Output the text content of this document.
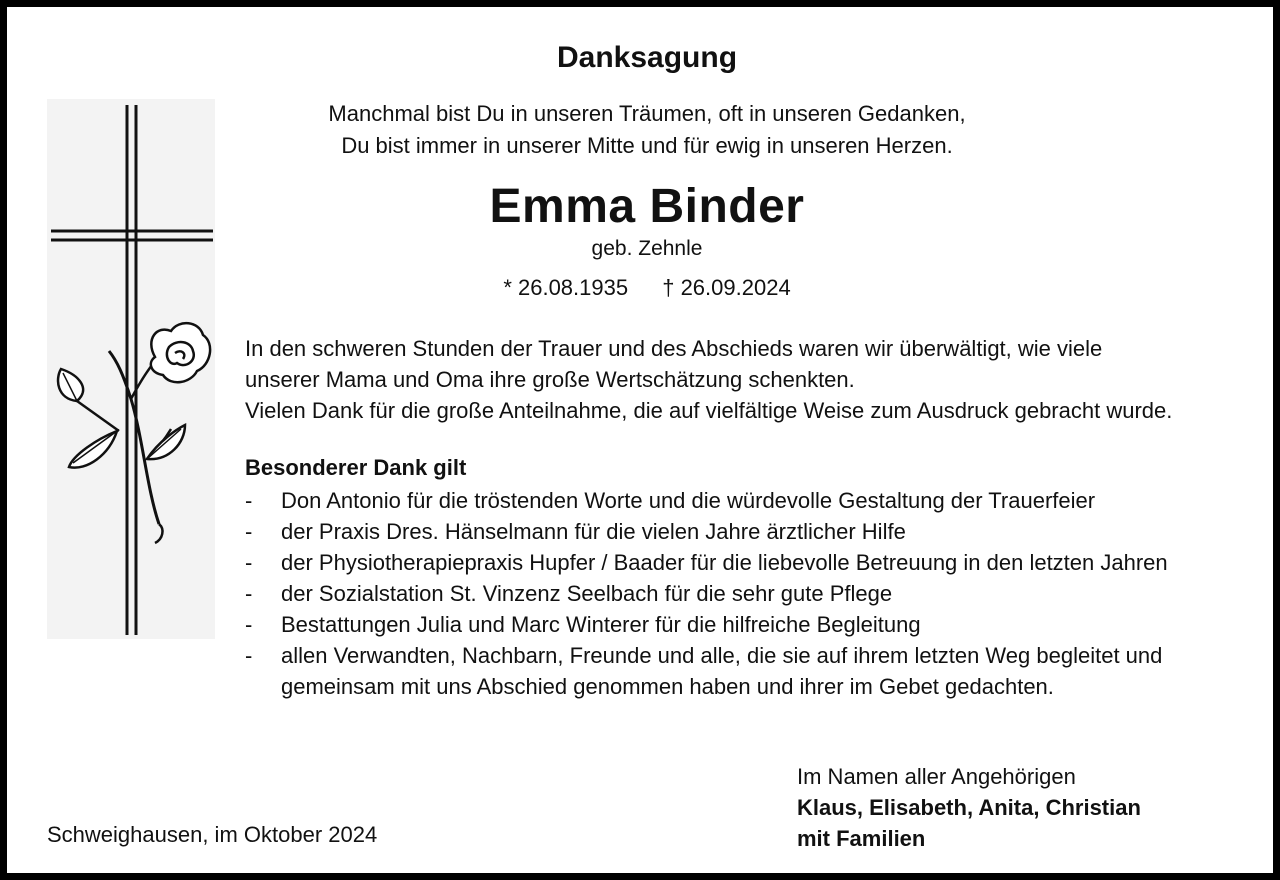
Danksagung
Manchmal bist Du in unseren Träumen, oft in unseren Gedanken,
Du bist immer in unserer Mitte und für ewig in unseren Herzen.
Emma Binder
geb. Zehnle
* 26.08.1935 † 26.09.2024
In den schweren Stunden der Trauer und des Abschieds waren wir überwältigt, wie viele
unserer Mama und Oma ihre große Wertschätzung schenkten.
Vielen Dank für die große Anteilnahme, die auf vielfältige Weise zum Ausdruck gebracht wurde.
Besonderer Dank gilt
- Don Antonio für die tröstenden Worte und die würdevolle Gestaltung der Trauerfeier
- der Praxis Dres. Hänselmann für die vielen Jahre ärztlicher Hilfe
- der Physiotherapiepraxis Hupfer / Baader für die liebevolle Betreuung in den letzten Jahren
- der Sozialstation St. Vinzenz Seelbach für die sehr gute Pflege
- Bestattungen Julia und Marc Winterer für die hilfreiche Begleitung
- allen Verwandten, Nachbarn, Freunde und alle, die sie auf ihrem letzten Weg begleitet und gemeinsam mit uns Abschied genommen haben und ihrer im Gebet gedachten.
Im Namen aller Angehörigen
Klaus, Elisabeth, Anita, Christian
mit Familien
Schweighausen, im Oktober 2024
